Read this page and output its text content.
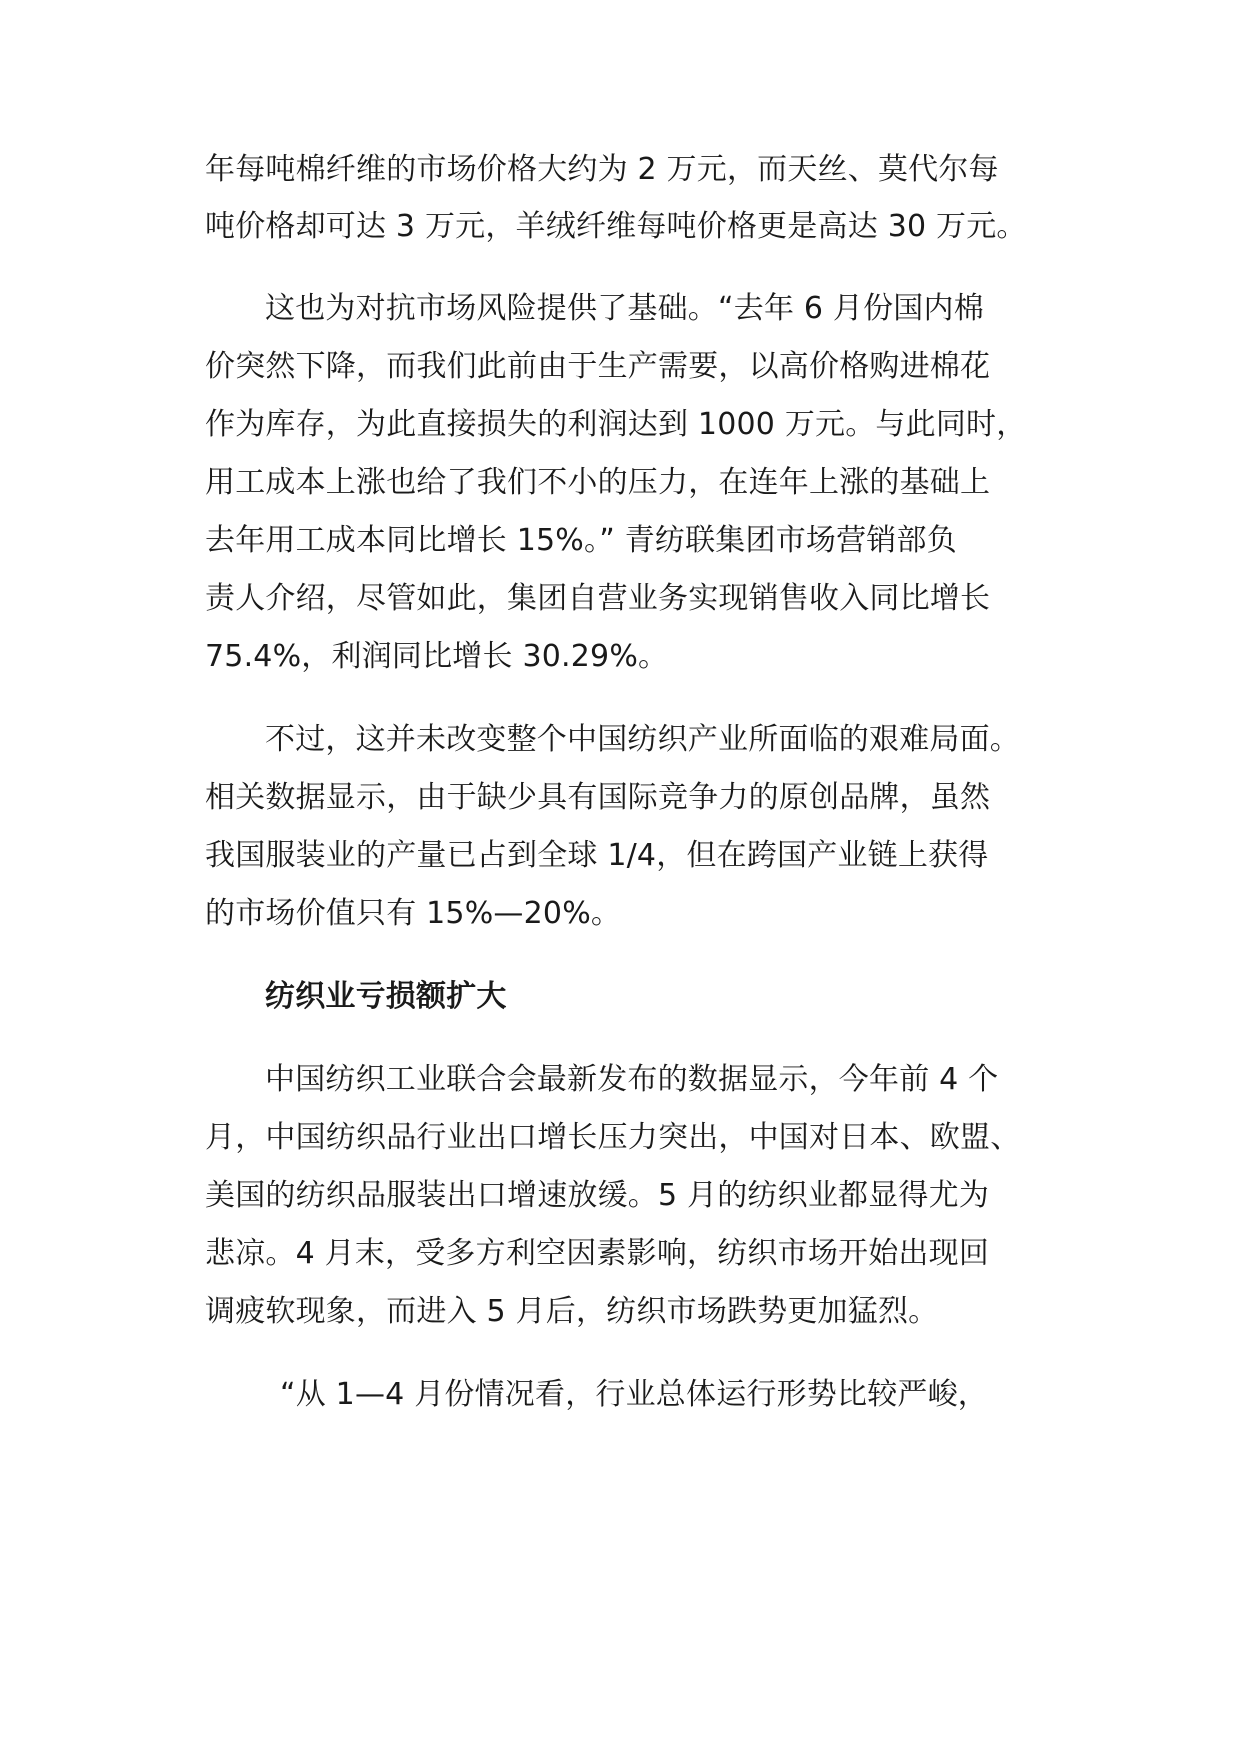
年每吨棉纤维的市场价格大约为 2 万元，而天丝、莫代尔每
吨价格却可达 3 万元，羊绒纤维每吨价格更是高达 30 万元。
这也为对抗市场风险提供了基础。“去年 6 月份国内棉
价突然下降，而我们此前由于生产需要，以高价格购进棉花
作为库存，为此直接损失的利润达到 1000 万元。与此同时，
用工成本上涨也给了我们不小的压力，在连年上涨的基础上
去年用工成本同比增长 15%。” 青纺联集团市场营销部负
责人介绍，尽管如此，集团自营业务实现销售收入同比增长
75.4%，利润同比增长 30.29%。
不过，这并未改变整个中国纺织产业所面临的艰难局面。
相关数据显示，由于缺少具有国际竞争力的原创品牌，虽然
我国服装业的产量已占到全球 1/4，但在跨国产业链上获得
的市场价值只有 15%—20%。
纺织业亏损额扩大
中国纺织工业联合会最新发布的数据显示，今年前 4 个
月，中国纺织品行业出口增长压力突出，中国对日本、欧盟、
美国的纺织品服装出口增速放缓。5 月的纺织业都显得尤为
悲凉。4 月末，受多方利空因素影响，纺织市场开始出现回
调疲软现象，而进入 5 月后，纺织市场跌势更加猛烈。
“从 1—4 月份情况看，行业总体运行形势比较严峻，
